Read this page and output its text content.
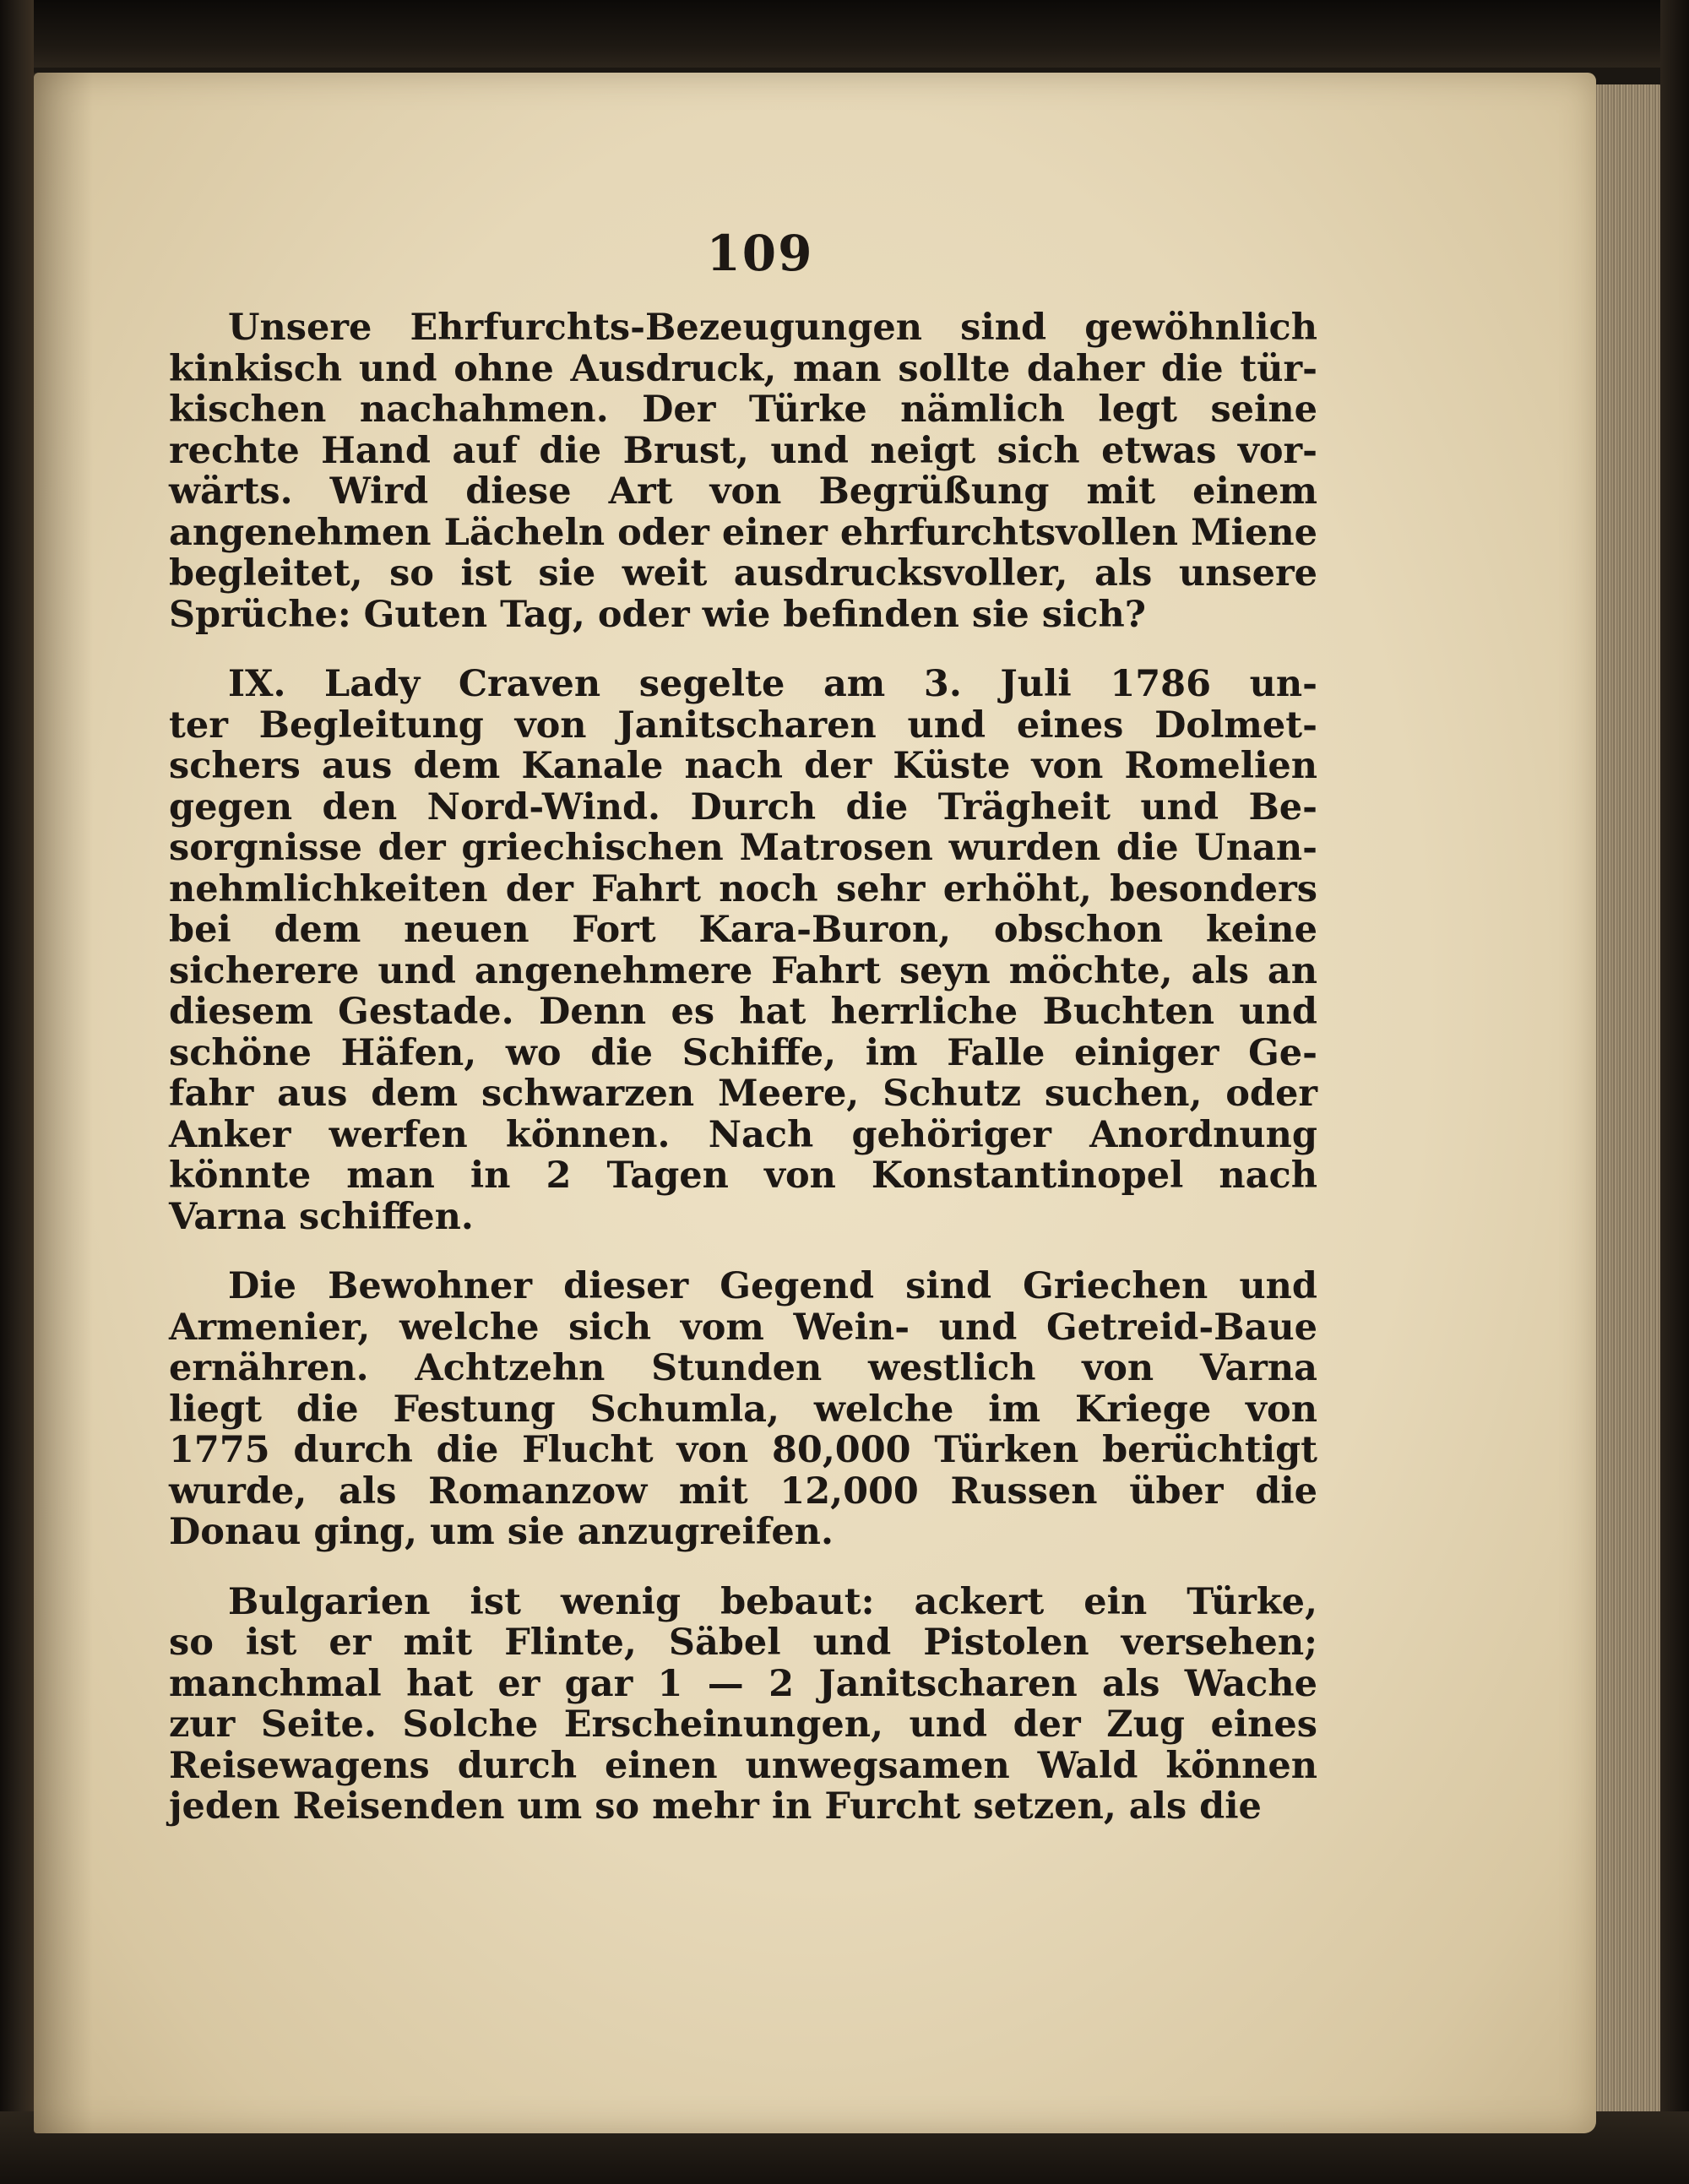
109
Unsere Ehrfurchts-Bezeugungen sind gewöhnlich
kinkisch und ohne Ausdruck, man sollte daher die tür-
kischen nachahmen. Der Türke nämlich legt seine
rechte Hand auf die Brust, und neigt sich etwas vor-
wärts. Wird diese Art von Begrüßung mit einem
angenehmen Lächeln oder einer ehrfurchtsvollen Miene
begleitet, so ist sie weit ausdrucksvoller, als unsere
Sprüche: Guten Tag, oder wie befinden sie sich?
IX. Lady Craven segelte am 3. Juli 1786 un-
ter Begleitung von Janitscharen und eines Dolmet-
schers aus dem Kanale nach der Küste von Romelien
gegen den Nord-Wind. Durch die Trägheit und Be-
sorgnisse der griechischen Matrosen wurden die Unan-
nehmlichkeiten der Fahrt noch sehr erhöht, besonders
bei dem neuen Fort Kara-Buron, obschon keine
sicherere und angenehmere Fahrt seyn möchte, als an
diesem Gestade. Denn es hat herrliche Buchten und
schöne Häfen, wo die Schiffe, im Falle einiger Ge-
fahr aus dem schwarzen Meere, Schutz suchen, oder
Anker werfen können. Nach gehöriger Anordnung
könnte man in 2 Tagen von Konstantinopel nach
Varna schiffen.
Die Bewohner dieser Gegend sind Griechen und
Armenier, welche sich vom Wein- und Getreid-Baue
ernähren. Achtzehn Stunden westlich von Varna
liegt die Festung Schumla, welche im Kriege von
1775 durch die Flucht von 80,000 Türken berüchtigt
wurde, als Romanzow mit 12,000 Russen über die
Donau ging, um sie anzugreifen.
Bulgarien ist wenig bebaut: ackert ein Türke,
so ist er mit Flinte, Säbel und Pistolen versehen;
manchmal hat er gar 1 — 2 Janitscharen als Wache
zur Seite. Solche Erscheinungen, und der Zug eines
Reisewagens durch einen unwegsamen Wald können
jeden Reisenden um so mehr in Furcht setzen, als die
